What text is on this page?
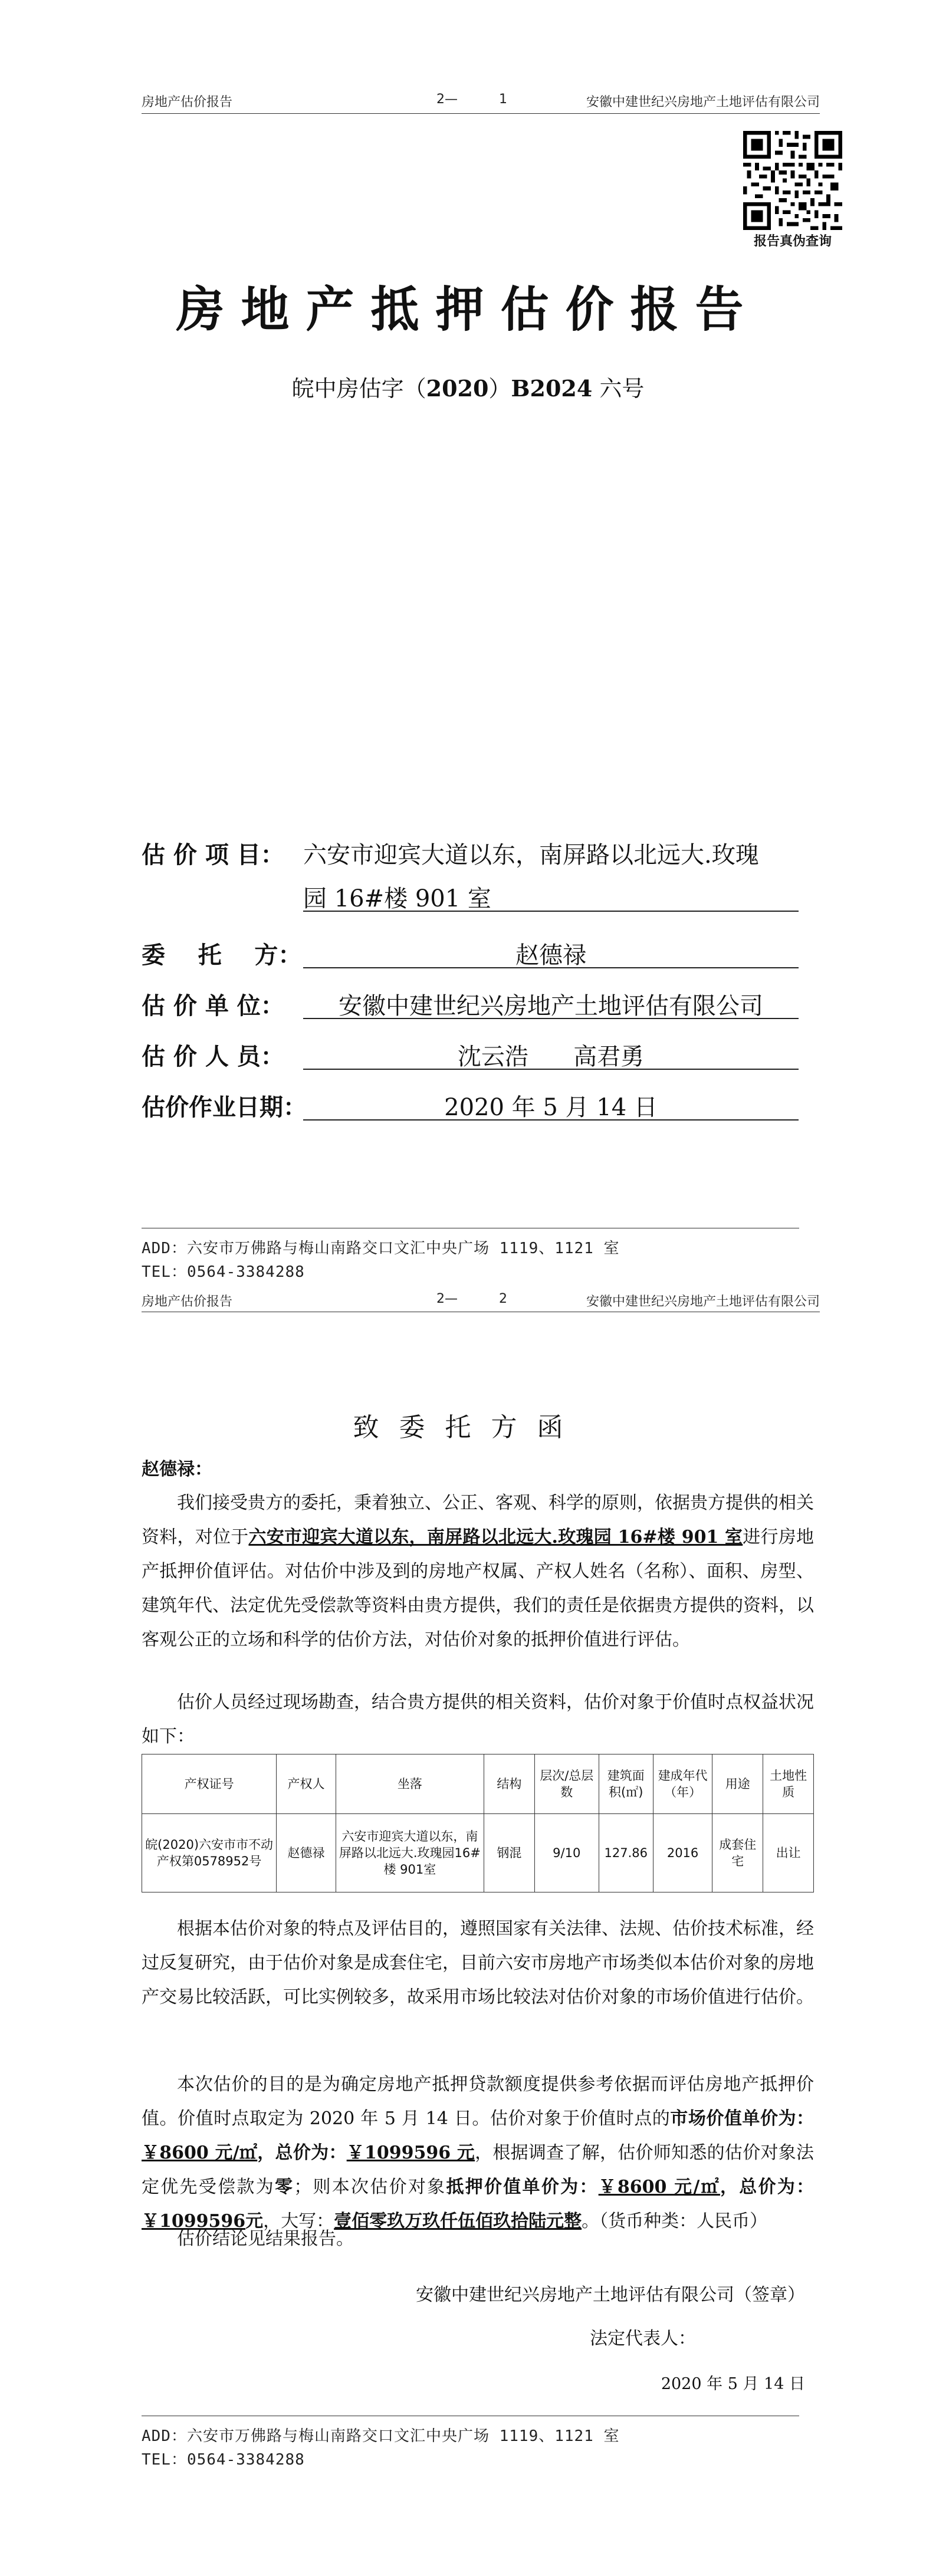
房地产估价报告	2—	1	安徽中建世纪兴房地产土地评估有限公司
报告真伪查询
房地产抵押估价报告
皖中房估字（2020）B2024 六号
估 价 项 目： 六安市迎宾大道以东，南屏路以北远大.玫瑰
园 16#楼 901 室
委    托    方：	赵德禄
估 价 单 位：	安徽中建世纪兴房地产土地评估有限公司
估 价 人 员：	沈云浩      高君勇
估价作业日期：	2020 年 5 月 14 日
ADD：六安市万佛路与梅山南路交口文汇中央广场 1119、1121 室
TEL：0564-3384288
房地产估价报告	2—	2	安徽中建世纪兴房地产土地评估有限公司
致委托方函
赵德禄：
我们接受贵方的委托，秉着独立、公正、客观、科学的原则，依据贵方提供的相关资料，对位于六安市迎宾大道以东，南屏路以北远大.玫瑰园 16#楼 901 室进行房地产抵押价值评估。对估价中涉及到的房地产权属、产权人姓名（名称）、面积、房型、建筑年代、法定优先受偿款等资料由贵方提供，我们的责任是依据贵方提供的资料，以客观公正的立场和科学的估价方法，对估价对象的抵押价值进行评估。
估价人员经过现场勘查，结合贵方提供的相关资料，估价对象于价值时点权益状况如下：
产权证号	产权人	坐落	结构	层次/总层数	建筑面积(㎡)	建成年代（年）	用途	土地性质
皖(2020)六安市市不动产权第0578952号	赵德禄	六安市迎宾大道以东，南屏路以北远大.玫瑰园16#楼 901室	钢混	9/10	127.86	2016	成套住宅	出让
根据本估价对象的特点及评估目的，遵照国家有关法律、法规、估价技术标准，经过反复研究，由于估价对象是成套住宅，目前六安市房地产市场类似本估价对象的房地产交易比较活跃，可比实例较多，故采用市场比较法对估价对象的市场价值进行估价。
本次估价的目的是为确定房地产抵押贷款额度提供参考依据而评估房地产抵押价值。价值时点取定为 2020 年 5 月 14 日。估价对象于价值时点的市场价值单价为：￥8600 元/㎡，总价为：￥1099596 元，根据调查了解，估价师知悉的估价对象法定优先受偿款为零；则本次估价对象抵押价值单价为：￥8600 元/㎡，总价为：￥1099596元，大写：壹佰零玖万玖仟伍佰玖拾陆元整。（货币种类：人民币）
估价结论见结果报告。
安徽中建世纪兴房地产土地评估有限公司（签章）
法定代表人：
2020 年 5 月 14 日
ADD：六安市万佛路与梅山南路交口文汇中央广场 1119、1121 室
TEL：0564-3384288
